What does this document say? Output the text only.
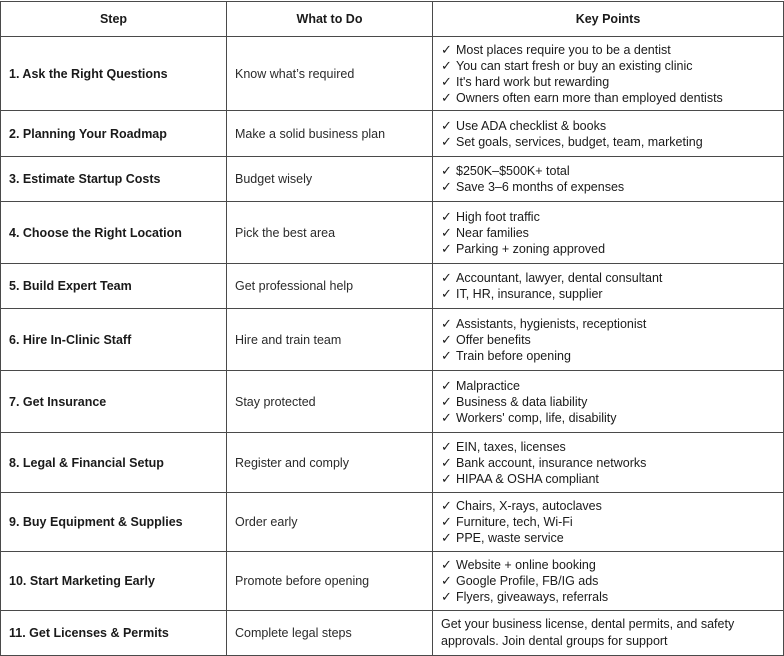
Step	What to Do	Key Points
1. Ask the Right Questions	Know what’s required	✓ Most places require you to be a dentist
✓ You can start fresh or buy an existing clinic
✓ It's hard work but rewarding
✓ Owners often earn more than employed dentists

2. Planning Your Roadmap	Make a solid business plan	✓ Use ADA checklist & books
✓ Set goals, services, budget, team, marketing

3. Estimate Startup Costs	Budget wisely	✓ $250K–$500K+ total
✓ Save 3–6 months of expenses

4. Choose the Right Location	Pick the best area	✓ High foot traffic
✓ Near families
✓ Parking + zoning approved

5. Build Expert Team	Get professional help	✓ Accountant, lawyer, dental consultant
✓ IT, HR, insurance, supplier

6. Hire In-Clinic Staff	Hire and train team	✓ Assistants, hygienists, receptionist
✓ Offer benefits
✓ Train before opening

7. Get Insurance	Stay protected	✓ Malpractice
✓ Business & data liability
✓ Workers' comp, life, disability

8. Legal & Financial Setup	Register and comply	✓ EIN, taxes, licenses
✓ Bank account, insurance networks
✓ HIPAA & OSHA compliant

9. Buy Equipment & Supplies	Order early	✓ Chairs, X-rays, autoclaves
✓ Furniture, tech, Wi-Fi
✓ PPE, waste service

10. Start Marketing Early	Promote before opening	✓ Website + online booking
✓ Google Profile, FB/IG ads
✓ Flyers, giveaways, referrals

11. Get Licenses & Permits	Complete legal steps	Get your business license, dental permits, and safety approvals. Join dental groups for support
